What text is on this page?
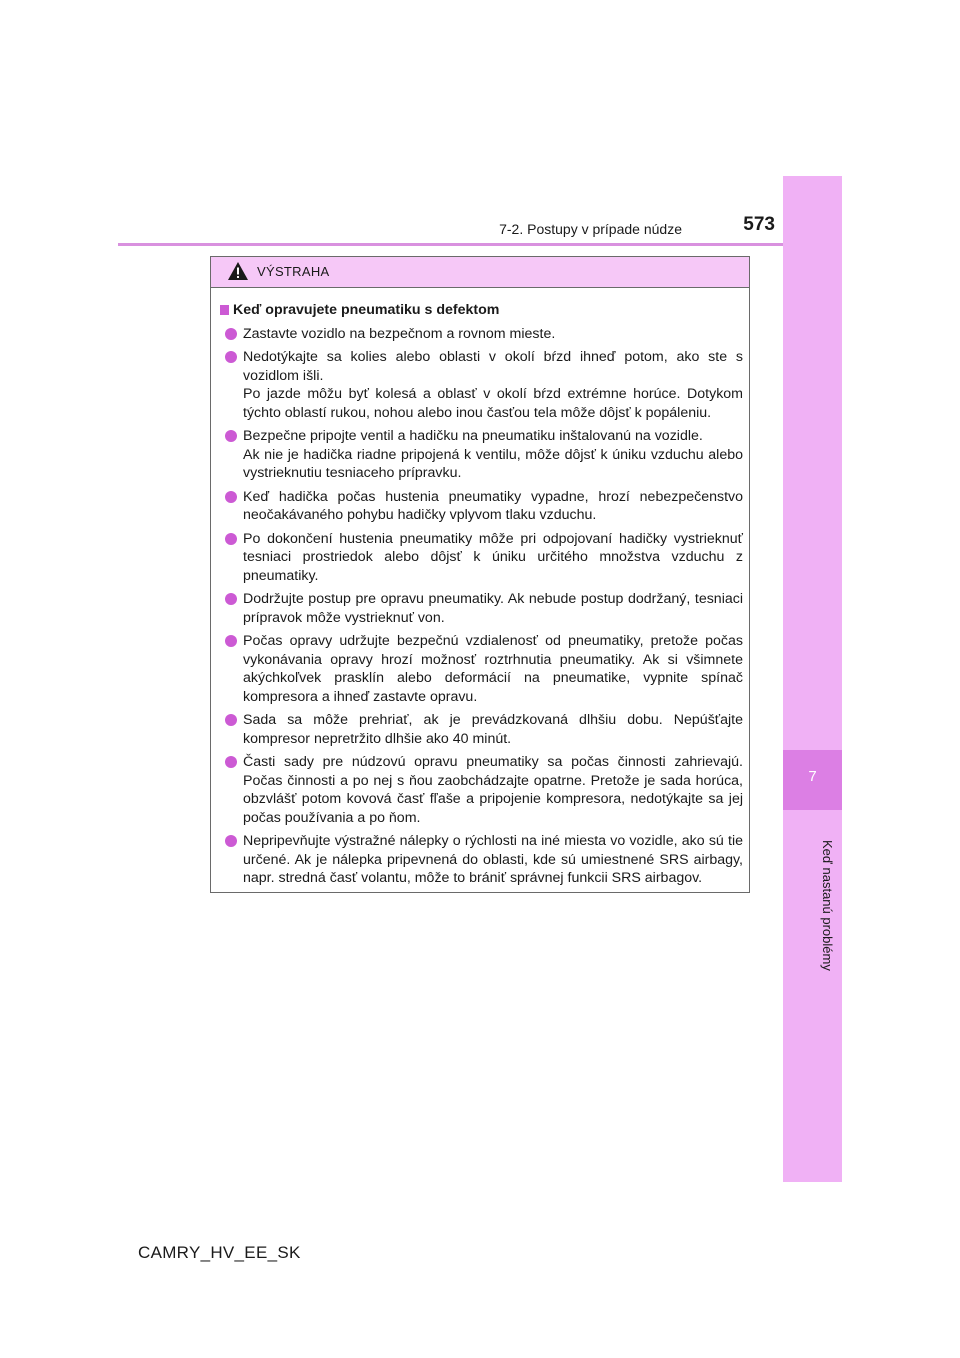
7
Keď nastanú problémy
7-2. Postupy v prípade núdze	573
VÝSTRAHA
Keď opravujete pneumatiku s defektom

Zastavte vozidlo na bezpečnom a rovnom mieste.

Nedotýkajte sa kolies alebo oblasti v okolí bŕzd ihneď potom, ako ste s vozidlom išli.

Po jazde môžu byť kolesá a oblasť v okolí bŕzd extrémne horúce. Dotykom týchto oblastí rukou, nohou alebo inou časťou tela môže dôjsť k popáleniu.

Bezpečne pripojte ventil a hadičku na pneumatiku inštalovanú na vozidle.

Ak nie je hadička riadne pripojená k ventilu, môže dôjsť k úniku vzduchu alebo vystrieknutiu tesniaceho prípravku.

Keď hadička počas hustenia pneumatiky vypadne, hrozí nebezpečenstvo neočakávaného pohybu hadičky vplyvom tlaku vzduchu.

Po dokončení hustenia pneumatiky môže pri odpojovaní hadičky vystrieknuť tesniaci prostriedok alebo dôjsť k úniku určitého množstva vzduchu z pneumatiky.

Dodržujte postup pre opravu pneumatiky. Ak nebude postup dodržaný, tesniaci prípravok môže vystrieknuť von.

Počas opravy udržujte bezpečnú vzdialenosť od pneumatiky, pretože počas vykonávania opravy hrozí možnosť roztrhnutia pneumatiky. Ak si všimnete akýchkoľvek prasklín alebo deformácií na pneumatike, vypnite spínač kompresora a ihneď zastavte opravu.

Sada sa môže prehriať, ak je prevádzkovaná dlhšiu dobu. Nepúšťajte kompresor nepretržito dlhšie ako 40 minút.

Časti sady pre núdzovú opravu pneumatiky sa počas činnosti zahrievajú. Počas činnosti a po nej s ňou zaobchádzajte opatrne. Pretože je sada horúca, obzvlášť potom kovová časť fľaše a pripojenie kompresora, nedotýkajte sa jej počas používania a po ňom.

Nepripevňujte výstražné nálepky o rýchlosti na iné miesta vo vozidle, ako sú tie určené. Ak je nálepka pripevnená do oblasti, kde sú umiestnené SRS airbagy, napr. stredná časť volantu, môže to brániť správnej funkcii SRS airbagov.

CAMRY_HV_EE_SK
